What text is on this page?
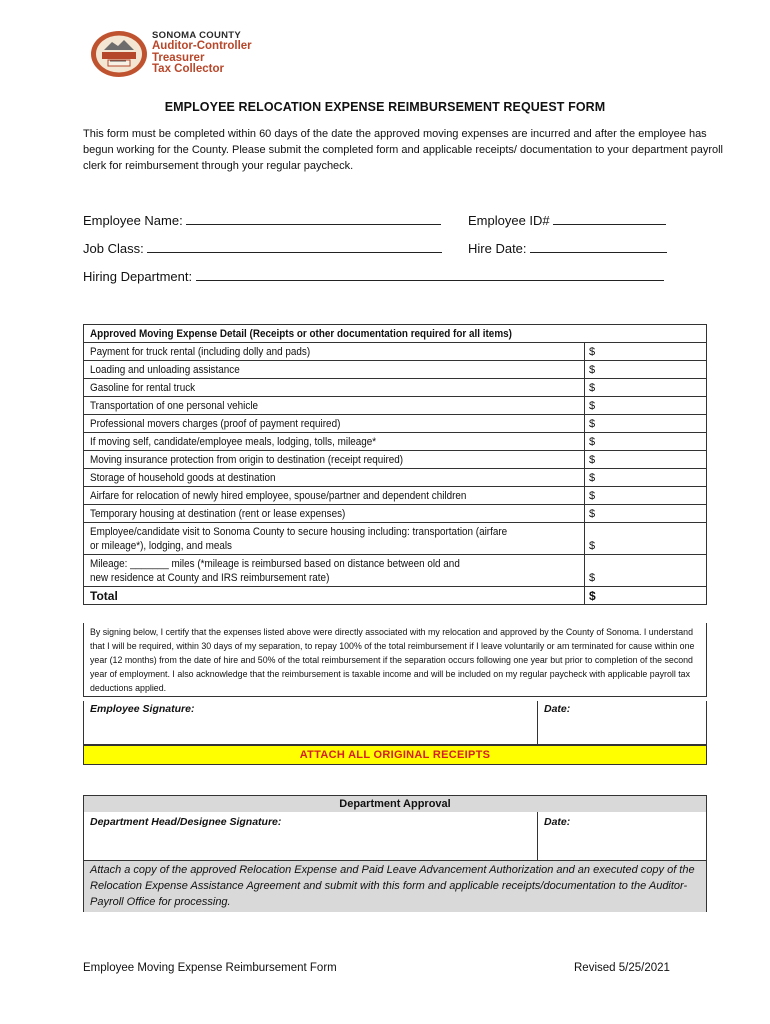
SONOMA COUNTY
Auditor-Controller
Treasurer
Tax Collector
EMPLOYEE RELOCATION EXPENSE REIMBURSEMENT REQUEST FORM
This form must be completed within 60 days of the date the approved moving expenses are incurred and after the employee has begun working for the County. Please submit the completed form and applicable receipts/ documentation to your department payroll clerk for reimbursement through your regular paycheck.
Employee Name:	Employee ID#
Job Class:	Hire Date:
Hiring Department:
Approved Moving Expense Detail (Receipts or other documentation required for all items)	
Payment for truck rental (including dolly and pads)	$
Loading and unloading assistance	$
Gasoline for rental truck	$
Transportation of one personal vehicle	$
Professional movers charges (proof of payment required)	$
If moving self, candidate/employee meals, lodging, tolls, mileage*	$
Moving insurance protection from origin to destination (receipt required)	$
Storage of household goods at destination	$
Airfare for relocation of newly hired employee, spouse/partner and dependent children	$
Temporary housing at destination (rent or lease expenses)	$
Employee/candidate visit to Sonoma County to secure housing including: transportation (airfare
or mileage*), lodging, and meals	$
Mileage: _______ miles (*mileage is reimbursed based on distance between old and
new residence at County and IRS reimbursement rate)	$
Total	$
By signing below, I certify that the expenses listed above were directly associated with my relocation and approved by the County of Sonoma. I understand that I will be required, within 30 days of my separation, to repay 100% of the total reimbursement if I leave voluntarily or am terminated for cause within one year (12 months) from the date of hire and 50% of the total reimbursement if the separation occurs following one year but prior to completion of the second year of employment. I also acknowledge that the reimbursement is taxable income and will be included on my regular paycheck with applicable payroll tax deductions applied.
Employee Signature:	Date:
ATTACH ALL ORIGINAL RECEIPTS
Department Approval
Department Head/Designee Signature:	Date:
Attach a copy of the approved Relocation Expense and Paid Leave Advancement Authorization and an executed copy of the Relocation Expense Assistance Agreement and submit with this form and applicable receipts/documentation to the Auditor-Payroll Office for processing.
Employee Moving Expense Reimbursement Form	Revised 5/25/2021
